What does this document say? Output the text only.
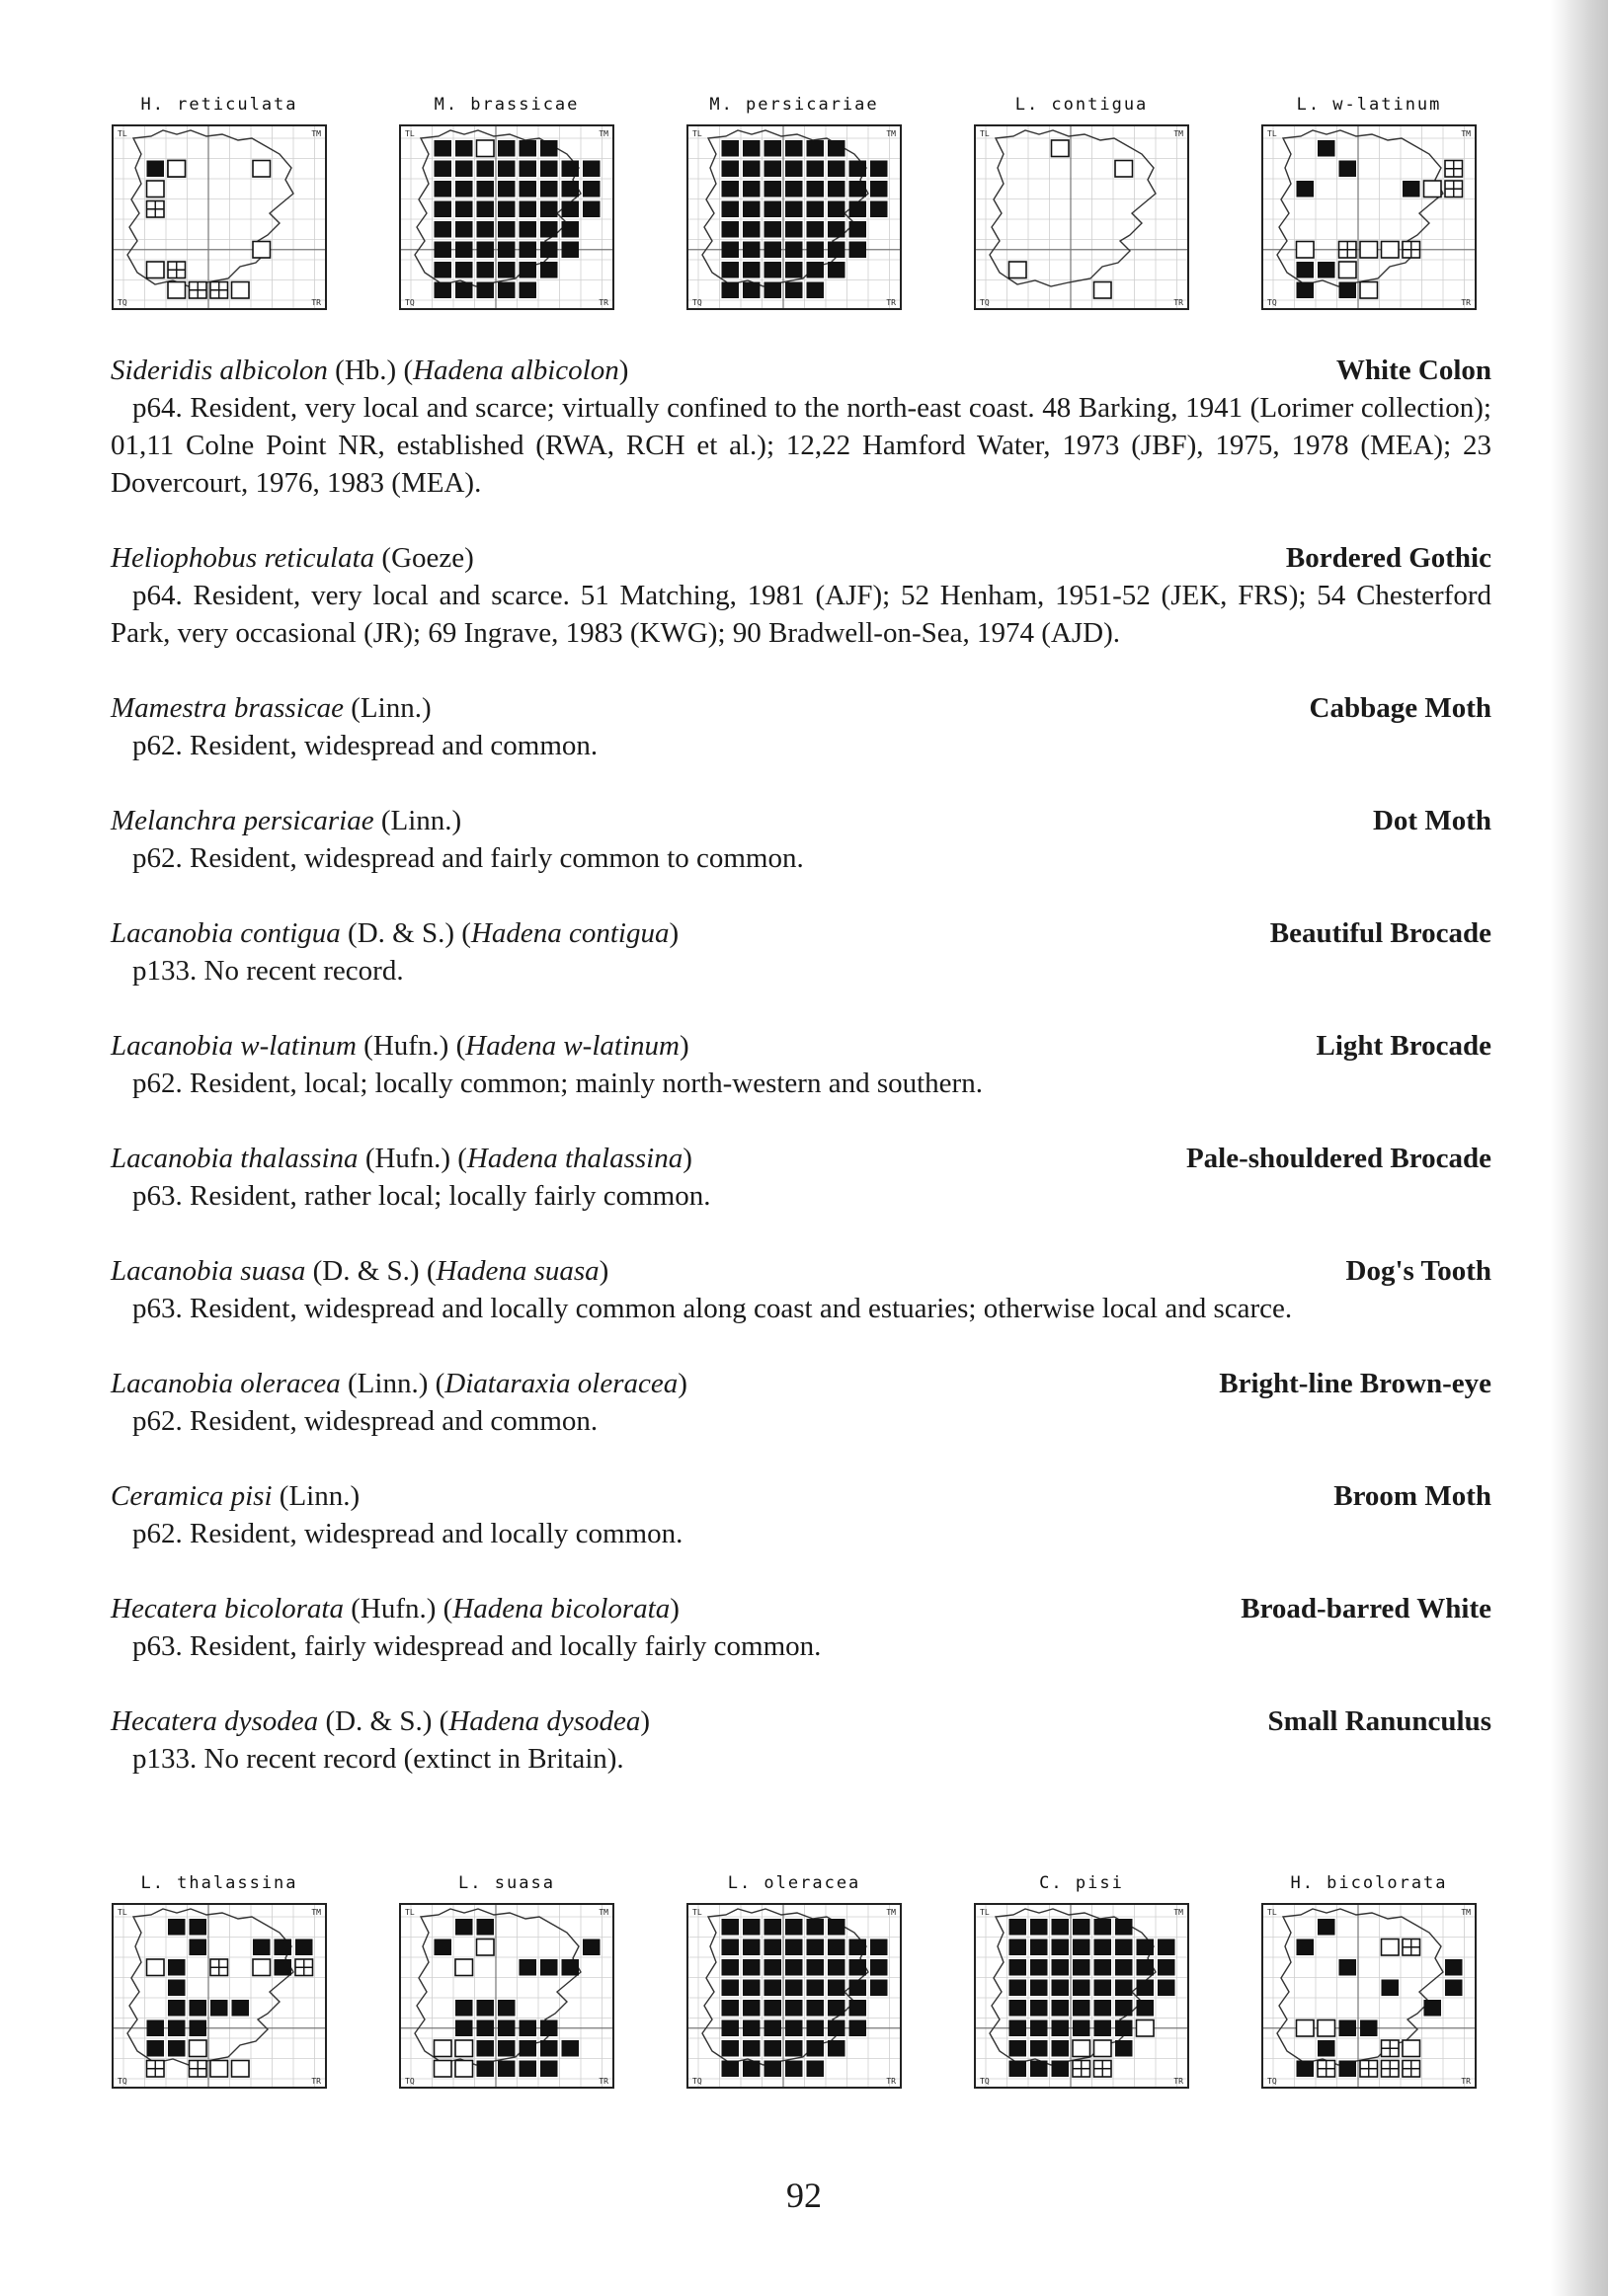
H. reticulata
TL	TM
TQ	TR
M. brassicae
TL	TM
TQ	TR
M. persicariae
TL	TM
TQ	TR
L. contigua
TL	TM
TQ	TR
L. w-latinum
TL	TM
TQ	TR
Sideridis albicolon (Hb.) (Hadena albicolon)	White Colon
p64. Resident, very local and scarce; virtually confined to the north-east coast. 48 Barking, 1941 (Lorimer collection); 01,11 Colne Point NR, established (RWA, RCH et al.); 12,22 Hamford Water, 1973 (JBF), 1975, 1978 (MEA); 23 Dovercourt, 1976, 1983 (MEA).
Heliophobus reticulata (Goeze)	Bordered Gothic
p64. Resident, very local and scarce. 51 Matching, 1981 (AJF); 52 Henham, 1951-52 (JEK, FRS); 54 Chesterford Park, very occasional (JR); 69 Ingrave, 1983 (KWG); 90 Bradwell-on-Sea, 1974 (AJD).
Mamestra brassicae (Linn.)	Cabbage Moth
p62. Resident, widespread and common.
Melanchra persicariae (Linn.)	Dot Moth
p62. Resident, widespread and fairly common to common.
Lacanobia contigua (D. & S.) (Hadena contigua)	Beautiful Brocade
p133. No recent record.
Lacanobia w-latinum (Hufn.) (Hadena w-latinum)	Light Brocade
p62. Resident, local; locally common; mainly north-western and southern.
Lacanobia thalassina (Hufn.) (Hadena thalassina)	Pale-shouldered Brocade
p63. Resident, rather local; locally fairly common.
Lacanobia suasa (D. & S.) (Hadena suasa)	Dog's Tooth
p63. Resident, widespread and locally common along coast and estuaries; otherwise local and scarce.
Lacanobia oleracea (Linn.) (Diataraxia oleracea)	Bright-line Brown-eye
p62. Resident, widespread and common.
Ceramica pisi (Linn.)	Broom Moth
p62. Resident, widespread and locally common.
Hecatera bicolorata (Hufn.) (Hadena bicolorata)	Broad-barred White
p63. Resident, fairly widespread and locally fairly common.
Hecatera dysodea (D. & S.) (Hadena dysodea)	Small Ranunculus
p133. No recent record (extinct in Britain).
L. thalassina
TL	TM
TQ	TR
L. suasa
TL	TM
TQ	TR
L. oleracea
TL	TM
TQ	TR
C. pisi
TL	TM
TQ	TR
H. bicolorata
TL	TM
TQ	TR
92
